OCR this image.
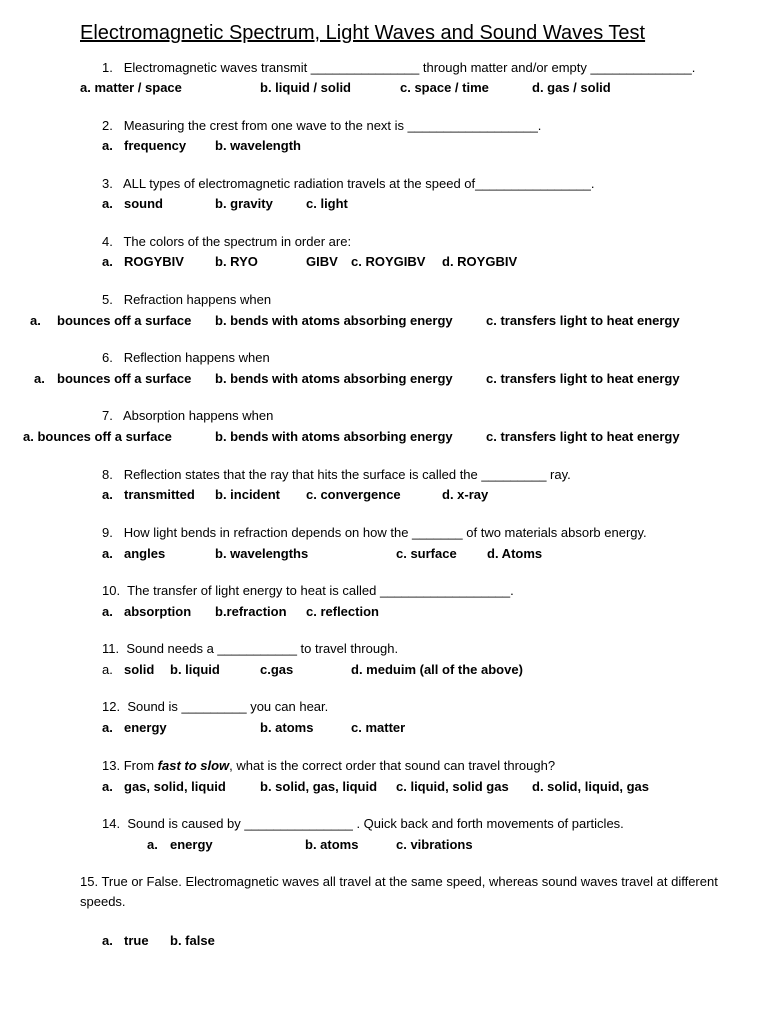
Electromagnetic Spectrum, Light Waves and Sound Waves Test
1. Electromagnetic waves transmit _______________ through matter and/or empty ______________.
a. matter / space	b. liquid / solid	c. space / time	d. gas / solid
2. Measuring the crest from one wave to the next is __________________.
a. frequency b. wavelength
3. ALL types of electromagnetic radiation travels at the speed of________________.
a. sound	b. gravity	c. light
4. The colors of the spectrum in order are:
a. ROGYBIV b. RYO	GIBV c. ROYGIBV d. ROYGBIV
5. Refraction happens when
a. bounces off a surface b. bends with atoms absorbing energy	c. transfers light to heat energy
6. Reflection happens when
a. bounces off a surface b. bends with atoms absorbing energy	c. transfers light to heat energy
7. Absorption happens when
a. bounces off a surface	b. bends with atoms absorbing energy	c. transfers light to heat energy
8. Reflection states that the ray that hits the surface is called the _________ ray.
a. transmitted b. incident c. convergence	d. x-ray
9. How light bends in refraction depends on how the _______ of two materials absorb energy.
a. angles	b. wavelengths	c. surface d. Atoms
10. The transfer of light energy to heat is called __________________.
a. absorption b.refraction c. reflection
11. Sound needs a ___________ to travel through.
a. solid b. liquid	c.gas	d. meduim (all of the above)
12. Sound is _________ you can hear.
a. energy	b. atoms	c. matter
13. From fast to slow, what is the correct order that sound can travel through?
a. gas, solid, liquid	b. solid, gas, liquid c. liquid, solid gas d. solid, liquid, gas
14. Sound is caused by _______________ . Quick back and forth movements of particles.
a. energy	b. atoms	c. vibrations
15. True or False. Electromagnetic waves all travel at the same speed, whereas sound waves travel at different speeds.
a. true b. false
